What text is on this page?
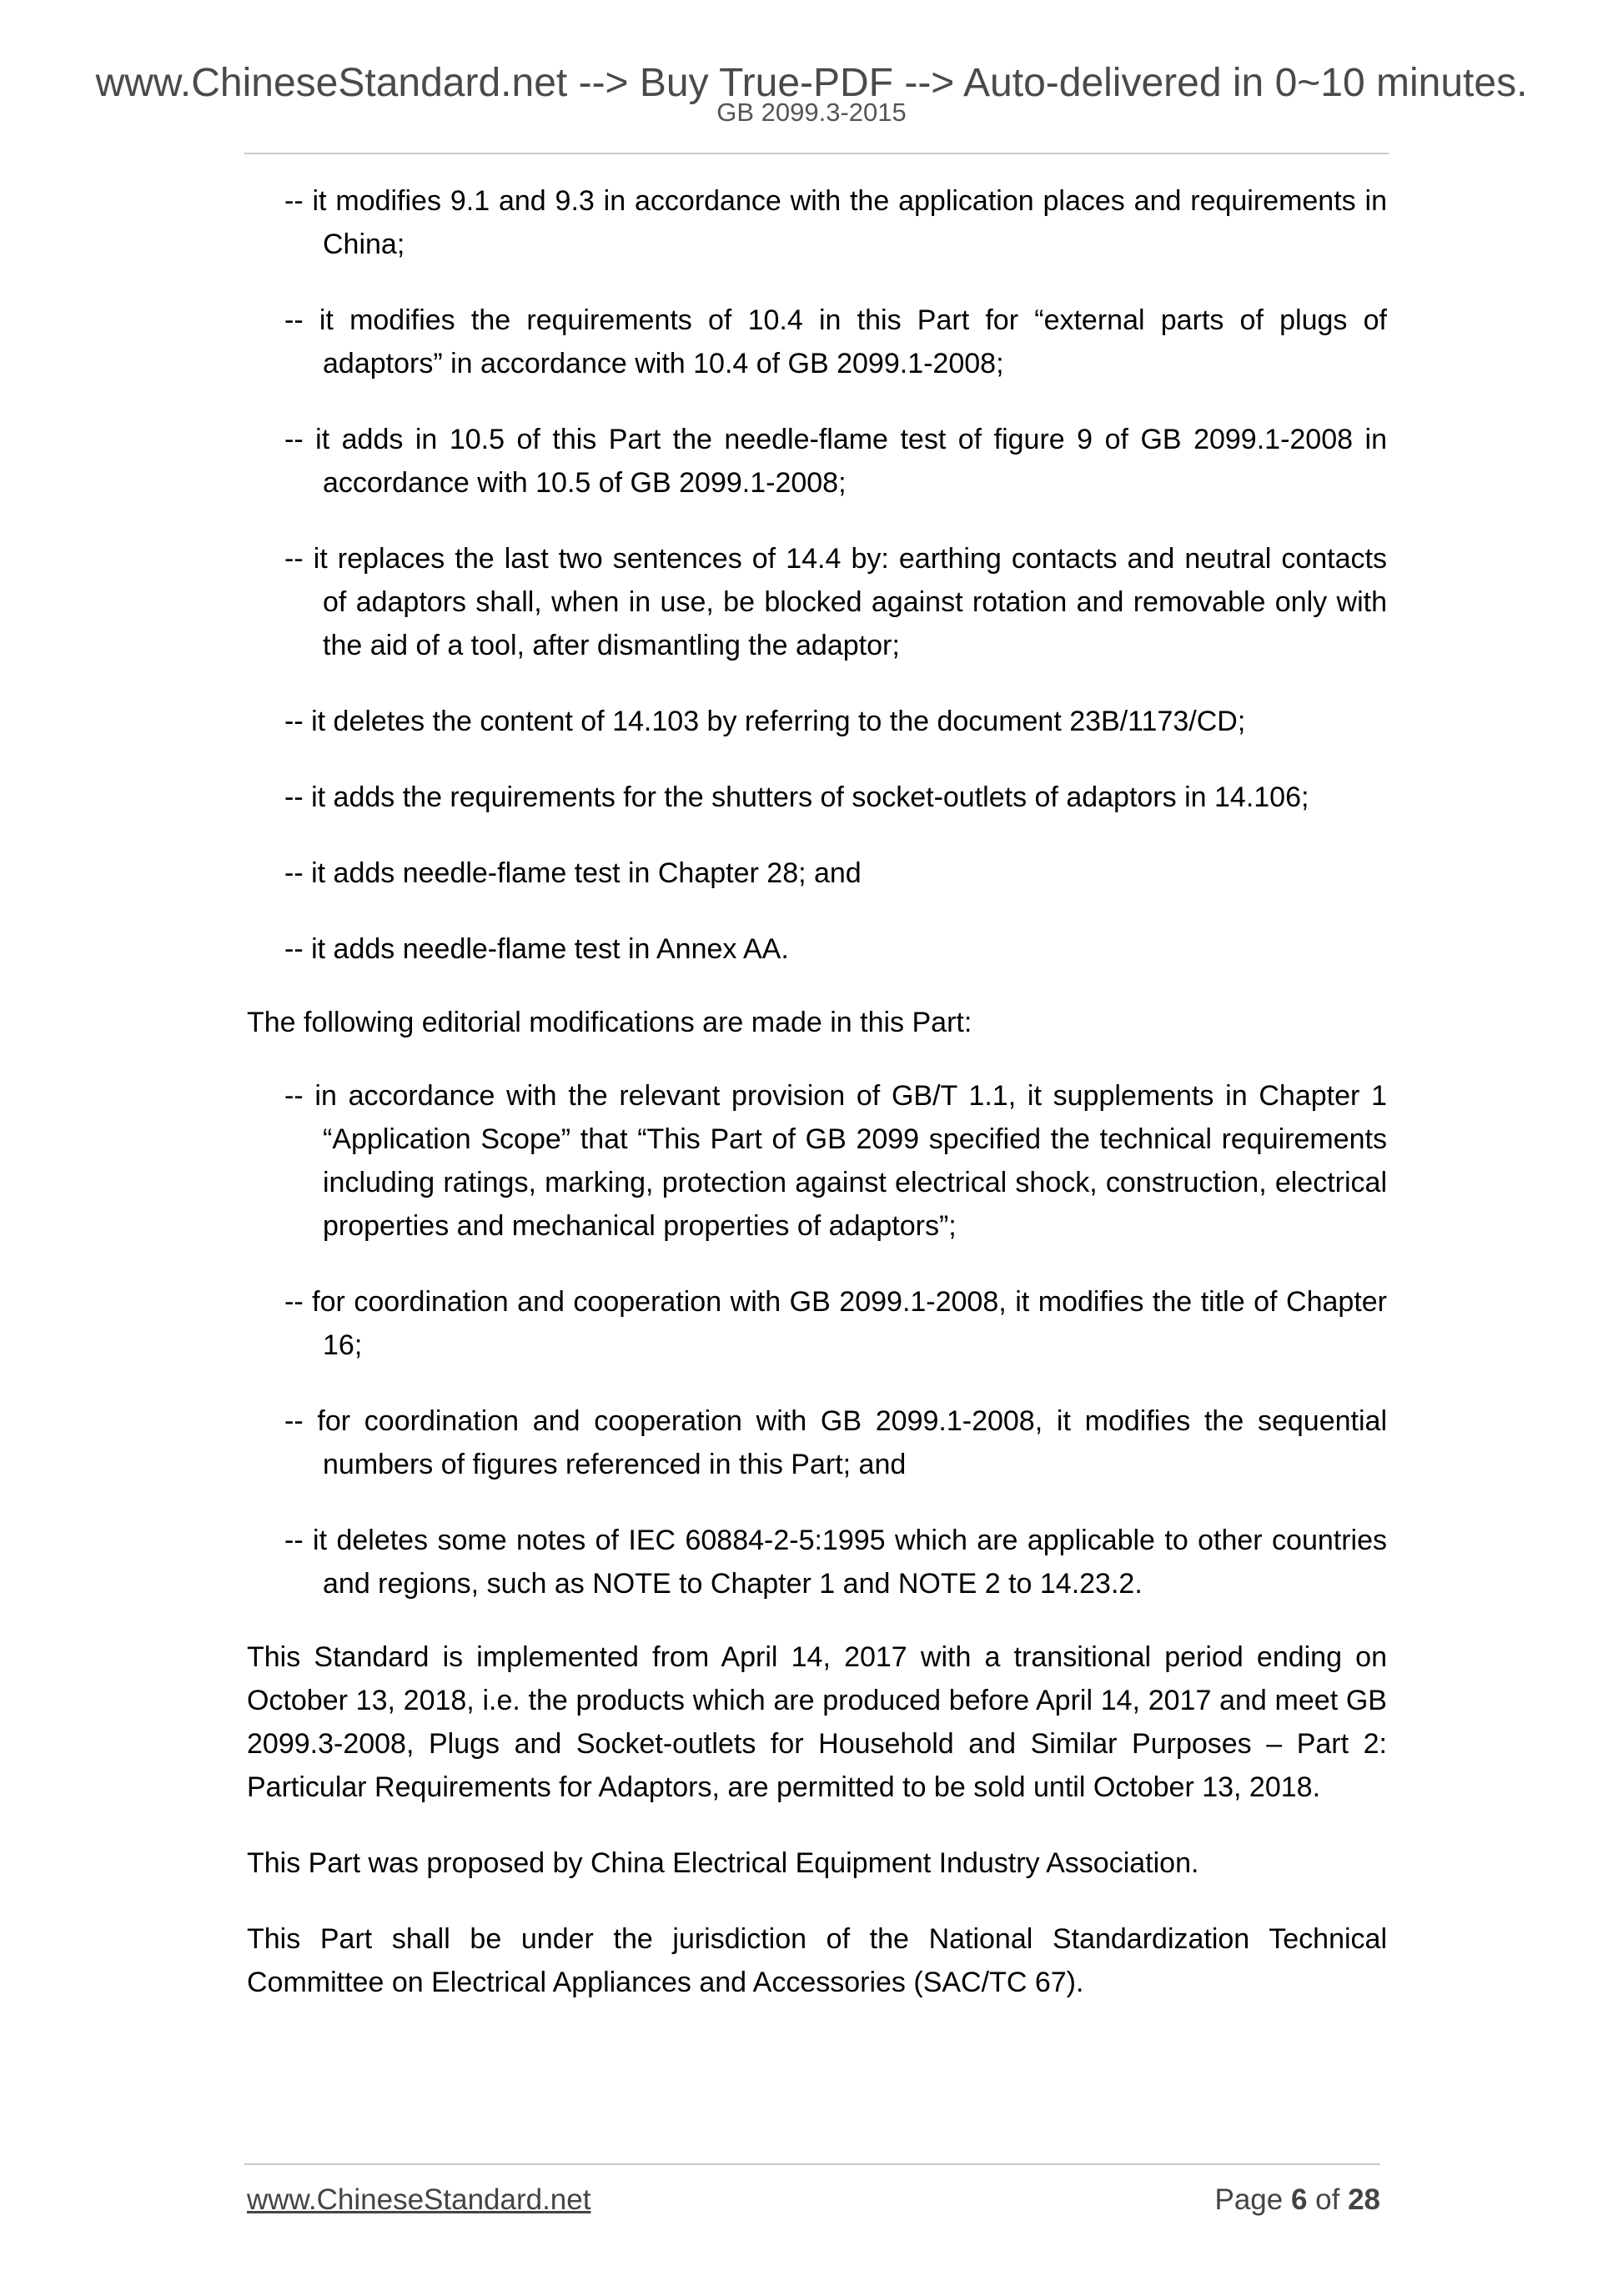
www.ChineseStandard.net --> Buy True-PDF --> Auto-delivered in 0~10 minutes.
GB 2099.3-2015
-- it modifies 9.1 and 9.3 in accordance with the application places and requirements in China;
-- it modifies the requirements of 10.4 in this Part for “external parts of plugs of adaptors” in accordance with 10.4 of GB 2099.1-2008;
-- it adds in 10.5 of this Part the needle-flame test of figure 9 of GB 2099.1-2008 in accordance with 10.5 of GB 2099.1-2008;
-- it replaces the last two sentences of 14.4 by: earthing contacts and neutral contacts of adaptors shall, when in use, be blocked against rotation and removable only with the aid of a tool, after dismantling the adaptor;
-- it deletes the content of 14.103 by referring to the document 23B/1173/CD;
-- it adds the requirements for the shutters of socket-outlets of adaptors in 14.106;
-- it adds needle-flame test in Chapter 28; and
-- it adds needle-flame test in Annex AA.

The following editorial modifications are made in this Part:

-- in accordance with the relevant provision of GB/T 1.1, it supplements in Chapter 1 “Application Scope” that “This Part of GB 2099 specified the technical requirements including ratings, marking, protection against electrical shock, construction, electrical properties and mechanical properties of adaptors”;
-- for coordination and cooperation with GB 2099.1-2008, it modifies the title of Chapter 16;
-- for coordination and cooperation with GB 2099.1-2008, it modifies the sequential numbers of figures referenced in this Part; and
-- it deletes some notes of IEC 60884-2-5:1995 which are applicable to other countries and regions, such as NOTE to Chapter 1 and NOTE 2 to 14.23.2.

This Standard is implemented from April 14, 2017 with a transitional period ending on October 13, 2018, i.e. the products which are produced before April 14, 2017 and meet GB 2099.3-2008, Plugs and Socket-outlets for Household and Similar Purposes – Part 2: Particular Requirements for Adaptors, are permitted to be sold until October 13, 2018.

This Part was proposed by China Electrical Equipment Industry Association.

This Part shall be under the jurisdiction of the National Standardization Technical Committee on Electrical Appliances and Accessories (SAC/TC 67).

www.ChineseStandard.net	Page 6 of 28
